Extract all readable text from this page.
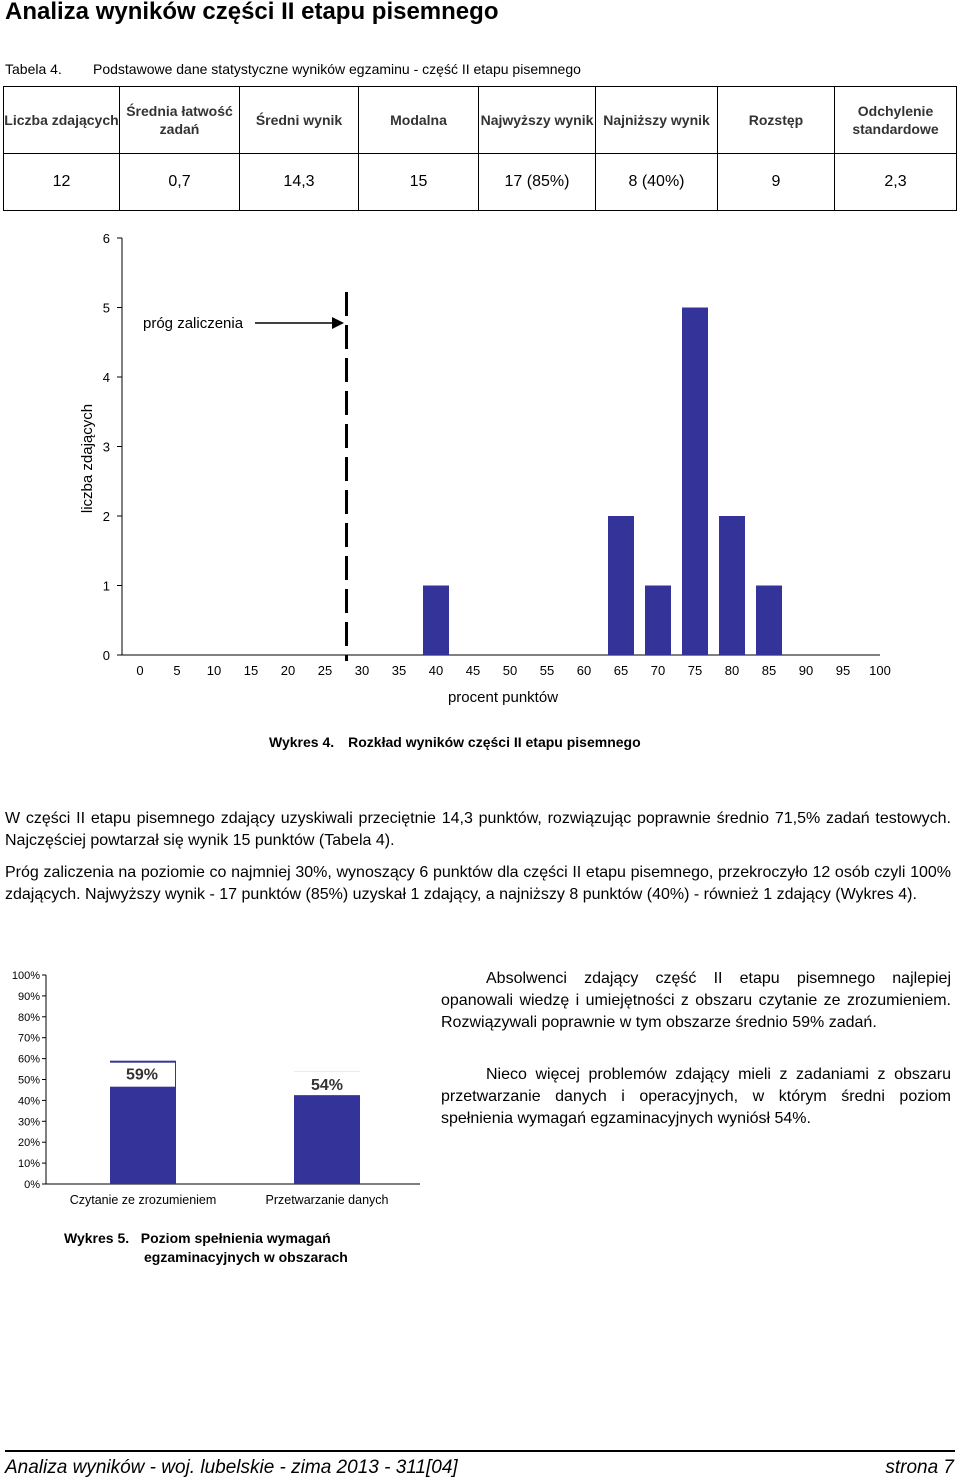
Analiza wyników części II etapu pisemnego
Tabela 4. Podstawowe dane statystyczne wyników egzaminu - część II etapu pisemnego
Liczba zdających	Średnia łatwość zadań	Średni wynik	Modalna	Najwyższy wynik	Najniższy wynik	Rozstęp	Odchylenie standardowe
12	0,7	14,3	15	17 (85%)	8 (40%)	9	2,3
0
1
2
3
4
5
6
0 5 10 15 20 25 30 35 40 45 50 55 60 65 70 75 80 85 90 95 100
próg zaliczenia
procent punktów
liczba zdających
Wykres 4. Rozkład wyników części II etapu pisemnego
W części II etapu pisemnego zdający uzyskiwali przeciętnie 14,3 punktów, rozwiązując poprawnie średnio 71,5% zadań testowych. Najczęściej powtarzał się wynik 15 punktów (Tabela 4).
Próg zaliczenia na poziomie co najmniej 30%, wynoszący 6 punktów dla części II etapu pisemnego, przekroczyło 12 osób czyli 100% zdających. Najwyższy wynik - 17 punktów (85%) uzyskał 1 zdający, a najniższy 8 punktów (40%) - również 1 zdający (Wykres 4).
0%
10%
20%
30%
40%
50%
60%
70%
80%
90%
100%
59%
54%
Czytanie ze zrozumieniem	Przetwarzanie danych
Absolwenci zdający część II etapu pisemnego najlepiej opanowali wiedzę i umiejętności z obszaru czytanie ze zrozumieniem. Rozwiązywali poprawnie w tym obszarze średnio 59% zadań.
Nieco więcej problemów zdający mieli z zadaniami z obszaru przetwarzanie danych i operacyjnych, w którym średni poziom spełnienia wymagań egzaminacyjnych wyniósł 54%.
Wykres 5. Poziom spełnienia wymagań
egzaminacyjnych w obszarach
Analiza wyników - woj. lubelskie - zima 2013 - 311[04]	strona 7
